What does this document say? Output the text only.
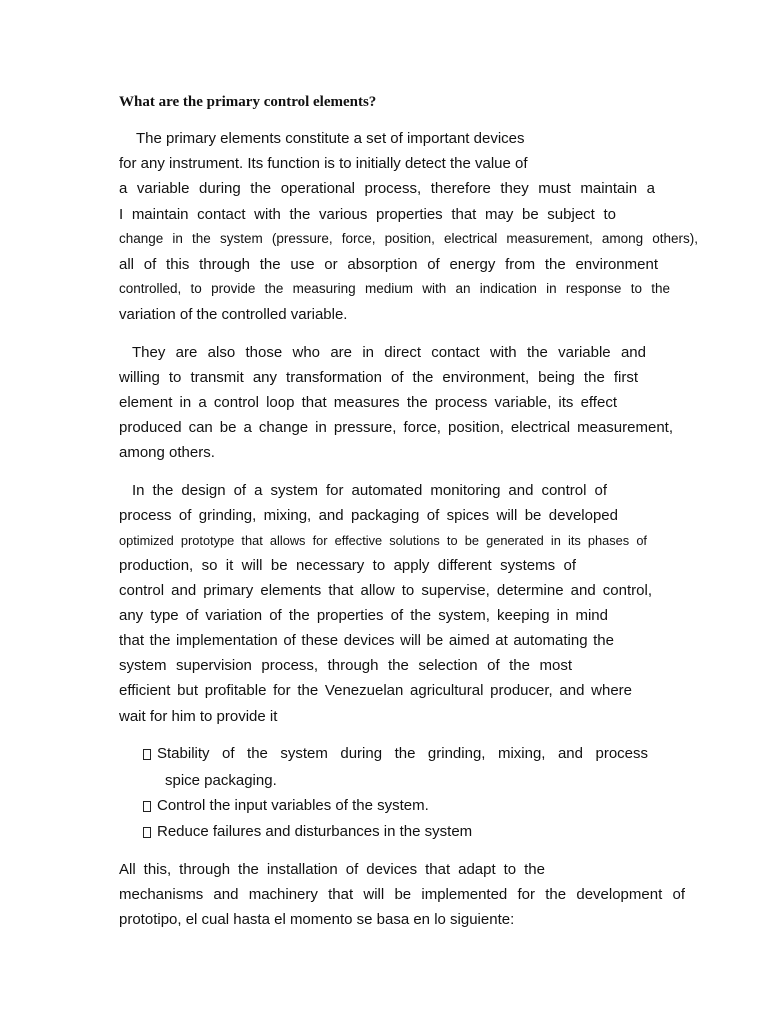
What are the primary control elements?
The primary elements constitute a set of important devices
for any instrument. Its function is to initially detect the value of
a variable during the operational process, therefore they must maintain a
I maintain contact with the various properties that may be subject to
change in the system (pressure, force, position, electrical measurement, among others),
all of this through the use or absorption of energy from the environment
controlled, to provide the measuring medium with an indication in response to the
variation of the controlled variable.
They are also those who are in direct contact with the variable and
willing to transmit any transformation of the environment, being the first
element in a control loop that measures the process variable, its effect
produced can be a change in pressure, force, position, electrical measurement,
among others.
In the design of a system for automated monitoring and control of
process of grinding, mixing, and packaging of spices will be developed
optimized prototype that allows for effective solutions to be generated in its phases of
production, so it will be necessary to apply different systems of
control and primary elements that allow to supervise, determine and control,
any type of variation of the properties of the system, keeping in mind
that the implementation of these devices will be aimed at automating the
system supervision process, through the selection of the most
efficient but profitable for the Venezuelan agricultural producer, and where
wait for him to provide it
Stability of the system during the grinding, mixing, and process
spice packaging.
Control the input variables of the system.
Reduce failures and disturbances in the system
All this, through the installation of devices that adapt to the
mechanisms and machinery that will be implemented for the development of
prototipo, el cual hasta el momento se basa en lo siguiente:
